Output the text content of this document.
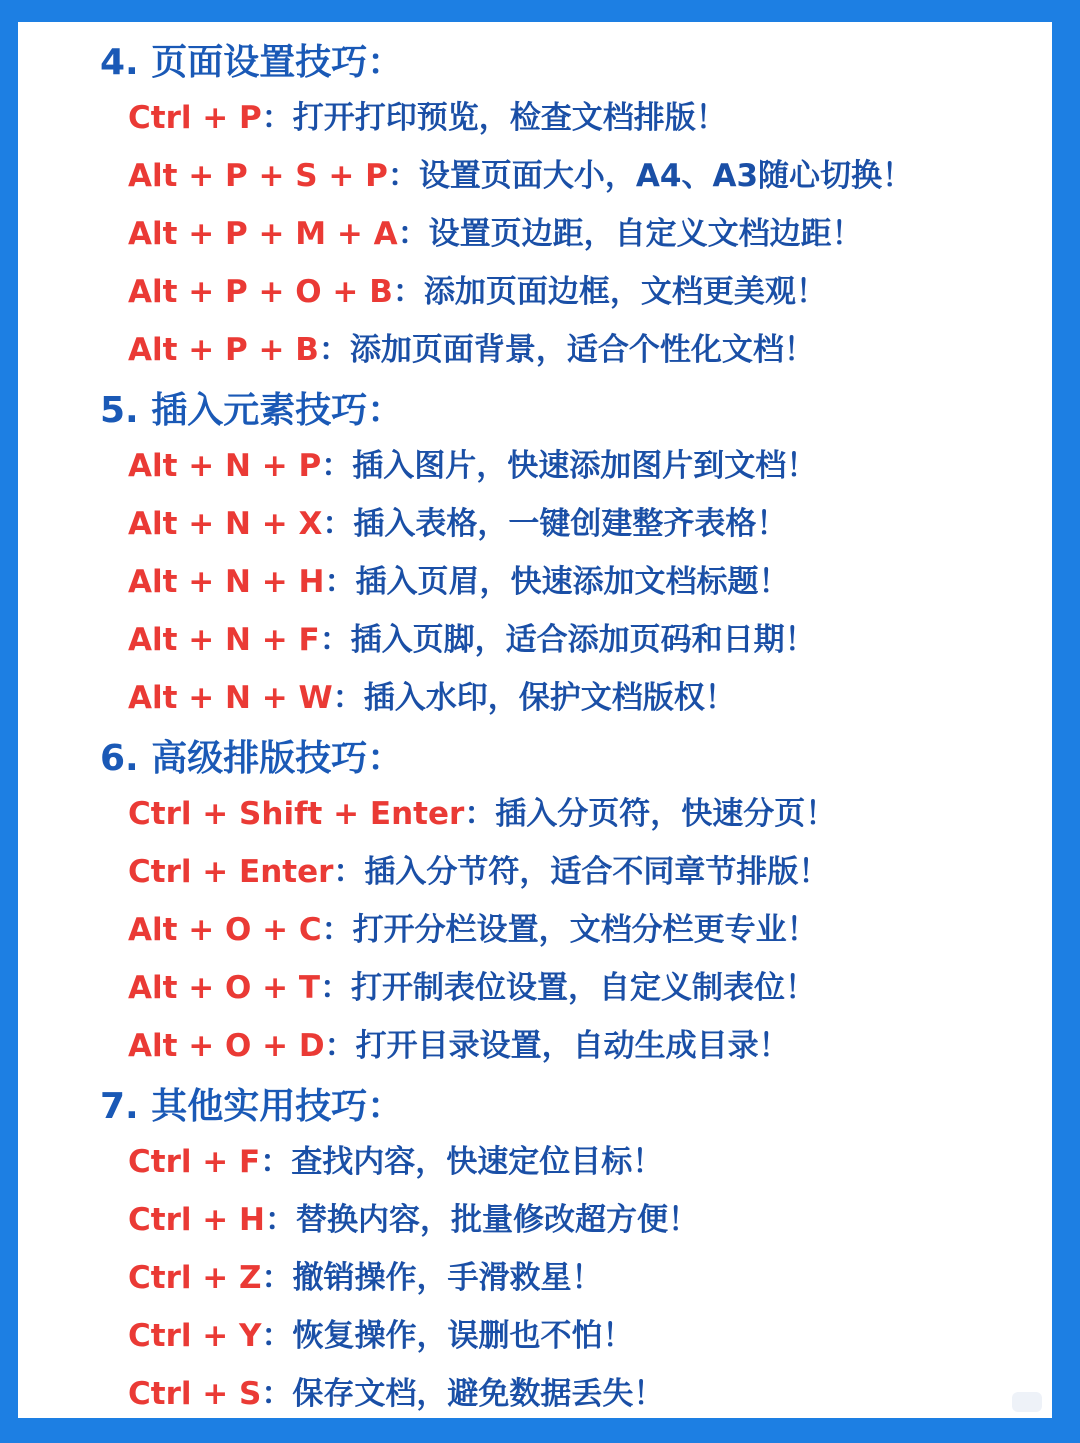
4. 页面设置技巧：
Ctrl + P：打开打印预览，检查文档排版！
Alt + P + S + P：设置页面大小，A4、A3随心切换！
Alt + P + M + A：设置页边距，自定义文档边距！
Alt + P + O + B：添加页面边框，文档更美观！
Alt + P + B：添加页面背景，适合个性化文档！
5. 插入元素技巧：
Alt + N + P：插入图片，快速添加图片到文档！
Alt + N + X：插入表格，一键创建整齐表格！
Alt + N + H：插入页眉，快速添加文档标题！
Alt + N + F：插入页脚，适合添加页码和日期！
Alt + N + W：插入水印，保护文档版权！
6. 高级排版技巧：
Ctrl + Shift + Enter：插入分页符，快速分页！
Ctrl + Enter：插入分节符，适合不同章节排版！
Alt + O + C：打开分栏设置，文档分栏更专业！
Alt + O + T：打开制表位设置，自定义制表位！
Alt + O + D：打开目录设置，自动生成目录！
7. 其他实用技巧：
Ctrl + F：查找内容，快速定位目标！
Ctrl + H：替换内容，批量修改超方便！
Ctrl + Z：撤销操作，手滑救星！
Ctrl + Y：恢复操作，误删也不怕！
Ctrl + S：保存文档，避免数据丢失！
